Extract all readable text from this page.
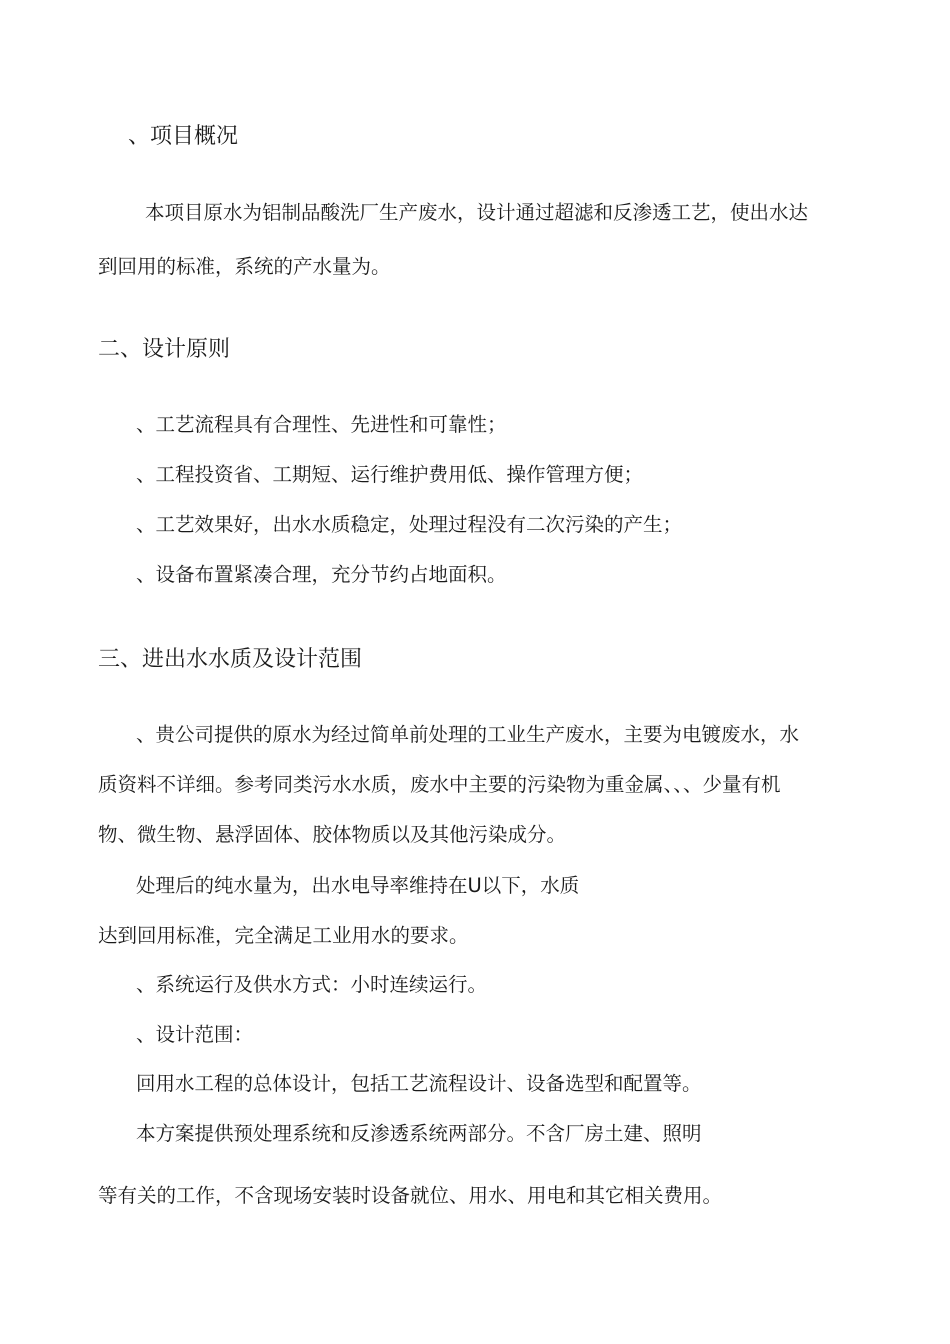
、项目概况
本项目原水为铝制品酸洗厂生产废水，设计通过超滤和反渗透工艺，使出水达
到回用的标准，系统的产水量为。
二、设计原则
、工艺流程具有合理性、先进性和可靠性；
、工程投资省、工期短、运行维护费用低、操作管理方便；
、工艺效果好，出水水质稳定，处理过程没有二次污染的产生；
、设备布置紧凑合理，充分节约占地面积。
三、进出水水质及设计范围
、贵公司提供的原水为经过简单前处理的工业生产废水，主要为电镀废水，水
质资料不详细。参考同类污水水质，废水中主要的污染物为重金属、、、少量有机
物、微生物、悬浮固体、胶体物质以及其他污染成分。
处理后的纯水量为，出水电导率维持在U以下，水质
达到回用标准，完全满足工业用水的要求。
、系统运行及供水方式：小时连续运行。
、设计范围：
回用水工程的总体设计，包括工艺流程设计、设备选型和配置等。
本方案提供预处理系统和反渗透系统两部分。不含厂房土建、照明
等有关的工作，不含现场安装时设备就位、用水、用电和其它相关费用。
